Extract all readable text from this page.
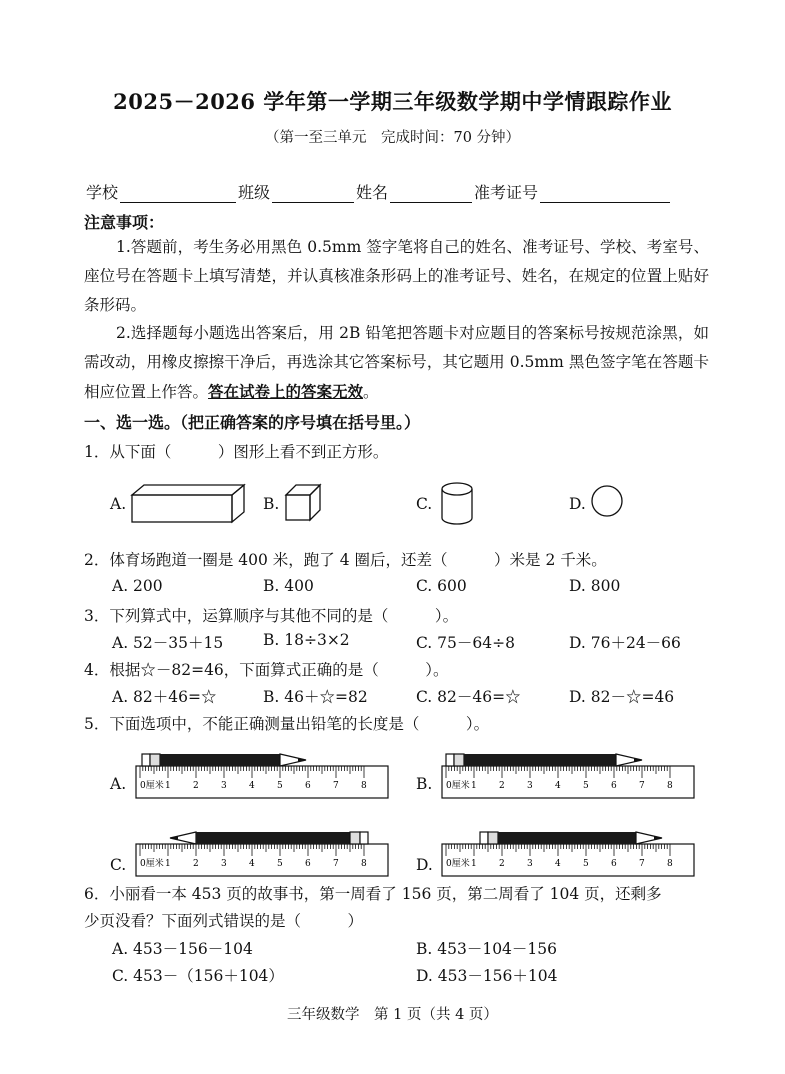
2025－2026 学年第一学期三年级数学期中学情跟踪作业
（第一至三单元　完成时间：70 分钟）
学校	班级	姓名	准考证号
注意事项：
1.答题前，考生务必用黑色 0.5mm 签字笔将自己的姓名、准考证号、学校、考室号、座位号在答题卡上填写清楚，并认真核准条形码上的准考证号、姓名，在规定的位置上贴好条形码。
2.选择题每小题选出答案后，用 2B 铅笔把答题卡对应题目的答案标号按规范涂黑，如需改动，用橡皮擦擦干净后，再选涂其它答案标号，其它题用 0.5mm 黑色签字笔在答题卡相应位置上作答。答在试卷上的答案无效。
一、选一选。（把正确答案的序号填在括号里。）
1．从下面（　　　）图形上看不到正方形。
A.	B.	C.	D.
2．体育场跑道一圈是 400 米，跑了 4 圈后，还差（　　　）米是 2 千米。
A. 200	B. 400	C. 600	D. 800
3．下列算式中，运算顺序与其他不同的是（　　　）。
A. 52－35＋15	B. 18÷3×2	C. 75－64÷8	D. 76＋24－66
4．根据☆－82=46，下面算式正确的是（　　　）。
A. 82＋46=☆	B. 46＋☆=82	C. 82－46=☆	D. 82－☆=46
5．下面选项中，不能正确测量出铅笔的长度是（　　　）。
A.	B.
C.	D.
0厘米 1 2 3 4 5 6 7 8	0厘米 1 2 3 4 5 6 7 8
0厘米 1 2 3 4 5 6 7 8	0厘米 1 2 3 4 5 6 7 8
6．小丽看一本 453 页的故事书，第一周看了 156 页，第二周看了 104 页，还剩多
少页没看？下面列式错误的是（　　　）
A. 453－156－104	B. 453－104－156
C. 453－（156＋104）	D. 453－156＋104
三年级数学　第 1 页（共 4 页）
